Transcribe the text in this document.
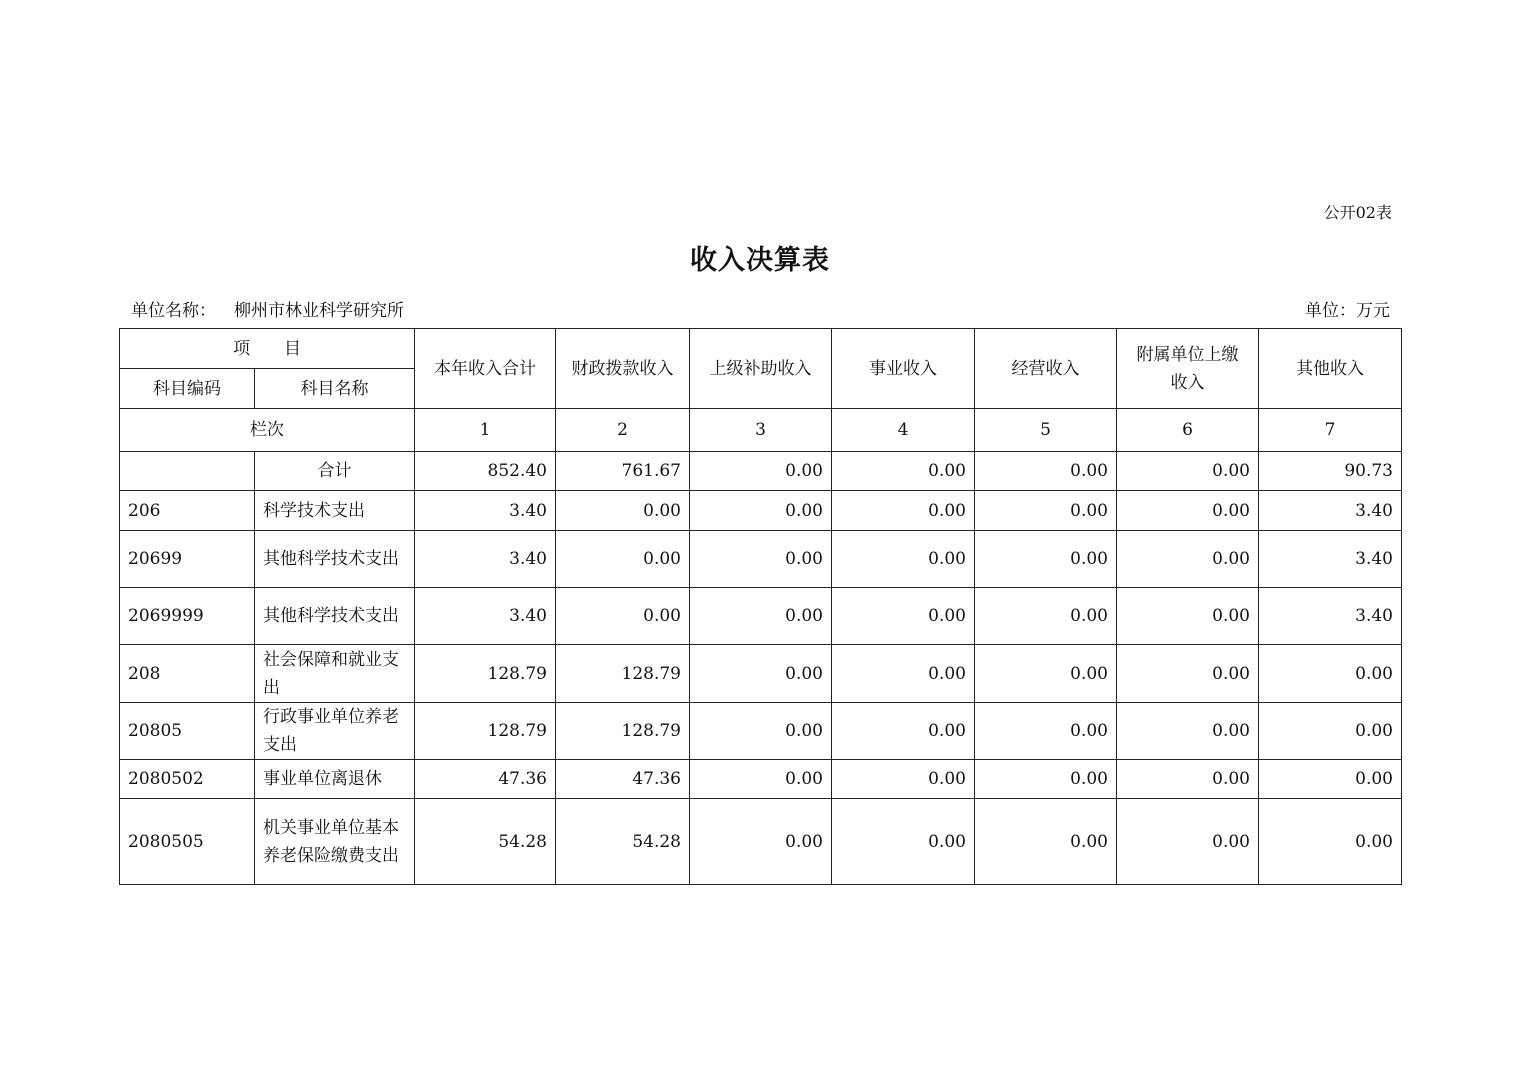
公开02表
收入决算表
单位名称： 柳州市林业科学研究所	单位：万元
项　　目		本年收入合计	财政拨款收入	上级补助收入	事业收入	经营收入	附属单位上缴收入	其他收入
科目编码	科目名称							
栏次		1	2	3	4	5	6	7
	合计	852.40	761.67	0.00	0.00	0.00	0.00	90.73
206	科学技术支出	3.40	0.00	0.00	0.00	0.00	0.00	3.40
20699	其他科学技术支出	3.40	0.00	0.00	0.00	0.00	0.00	3.40
2069999	其他科学技术支出	3.40	0.00	0.00	0.00	0.00	0.00	3.40
208	社会保障和就业支出	128.79	128.79	0.00	0.00	0.00	0.00	0.00
20805	行政事业单位养老支出	128.79	128.79	0.00	0.00	0.00	0.00	0.00
2080502	事业单位离退休	47.36	47.36	0.00	0.00	0.00	0.00	0.00
2080505	机关事业单位基本养老保险缴费支出	54.28	54.28	0.00	0.00	0.00	0.00	0.00
